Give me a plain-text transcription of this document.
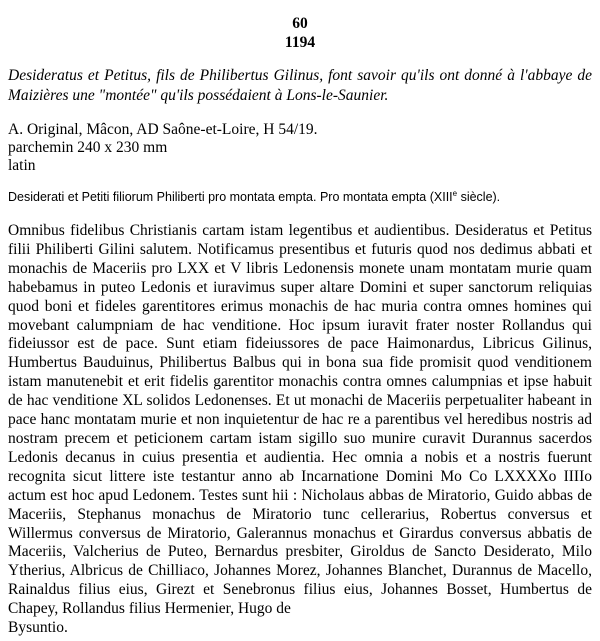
60
1194
Desideratus et Petitus, fils de Philibertus Gilinus, font savoir qu'ils ont donné à l'abbaye de Maizières une "montée" qu'ils possédaient à Lons-le-Saunier.
A. Original, Mâcon, AD Saône-et-Loire, H 54/19.
parchemin 240 x 230 mm
latin
Desiderati et Petiti filiorum Philiberti pro montata empta. Pro montata empta (XIIIe siècle).
Omnibus fidelibus Christianis cartam istam legentibus et audientibus. Desideratus et Petitus filii Philiberti Gilini salutem. Notificamus presentibus et futuris quod nos dedimus abbati et monachis de Maceriis pro LXX et V libris Ledonensis monete unam montatam murie quam habebamus in puteo Ledonis et iuravimus super altare Domini et super sanctorum reliquias quod boni et fideles garentitores erimus monachis de hac muria contra omnes homines qui movebant calumpniam de hac venditione. Hoc ipsum iuravit frater noster Rollandus qui fideiussor est de pace. Sunt etiam fideiussores de pace Haimonardus, Libricus Gilinus, Humbertus Bauduinus, Philibertus Balbus qui in bona sua fide promisit quod venditionem istam manutenebit et erit fidelis garentitor monachis contra omnes calumpnias et ipse habuit de hac venditione XL solidos Ledonenses. Et ut monachi de Maceriis perpetualiter habeant in pace hanc montatam murie et non inquietentur de hac re a parentibus vel heredibus nostris ad nostram precem et peticionem cartam istam sigillo suo munire curavit Durannus sacerdos Ledonis decanus in cuius presentia et audientia. Hec omnia a nobis et a nostris fuerunt recognita sicut littere iste testantur anno ab Incarnatione Domini Mo Co LXXXXo IIIIo actum est hoc apud Ledonem. Testes sunt hii : Nicholaus abbas de Miratorio, Guido abbas de Maceriis, Stephanus monachus de Miratorio tunc cellerarius, Robertus conversus et Willermus conversus de Miratorio, Galerannus monachus et Girardus conversus abbatis de Maceriis, Valcherius de Puteo, Bernardus presbiter, Giroldus de Sancto Desiderato, Milo Ytherius, Albricus de Chilliaco, Johannes Morez, Johannes Blanchet, Durannus de Macello, Rainaldus filius eius, Girezt et Senebronus filius eius, Johannes Bosset, Humbertus de Chapey, Rollandus filius Hermenier, Hugo de
Bysuntio.
